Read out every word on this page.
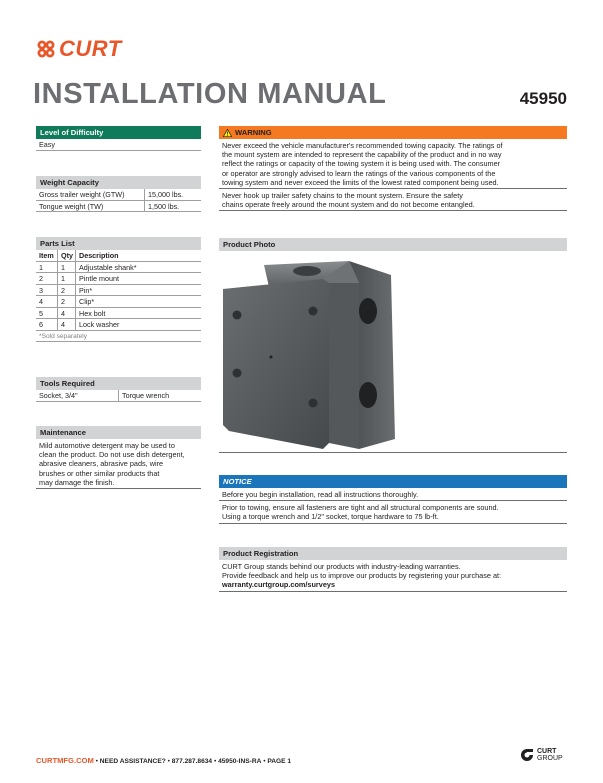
CURT
INSTALLATION MANUAL	45950
Level of Difficulty
Easy
Weight Capacity
Gross trailer weight (GTW)	15,000 lbs.
Tongue weight (TW)	1,500 lbs.
Parts List
Item	Qty Description
1	1	Adjustable shank*
2	1	Pintle mount
3	2	Pin*
4	2	Clip*
5	4	Hex bolt
6	4	Lock washer
*Sold separately
Tools Required
Socket, 3/4"	Torque wrench
Maintenance
Mild automotive detergent may be used to
clean the product. Do not use dish detergent,
abrasive cleaners, abrasive pads, wire
brushes or other similar products that
may damage the finish.
WARNING
Never exceed the vehicle manufacturer's recommended towing capacity. The ratings of
the mount system are intended to represent the capability of the product and in no way
reflect the ratings or capacity of the towing system it is being used with. The consumer
or operator are strongly advised to learn the ratings of the various components of the
towing system and never exceed the limits of the lowest rated component being used.
Never hook up trailer safety chains to the mount system. Ensure the safety
chains operate freely around the mount system and do not become entangled.
Product Photo
NOTICE
Before you begin installation, read all instructions thoroughly.
Prior to towing, ensure all fasteners are tight and all structural components are sound.
Using a torque wrench and 1/2" socket, torque hardware to 75 lb-ft.
Product Registration
CURT Group stands behind our products with industry-leading warranties.
Provide feedback and help us to improve our products by registering your purchase at:
warranty.curtgroup.com/surveys
CURTMFG.COM • NEED ASSISTANCE? • 877.287.8634 • 45950-INS-RA • PAGE 1
CURT
GROUP
